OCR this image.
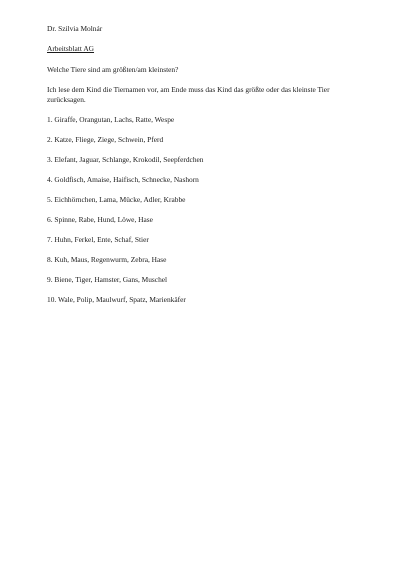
Dr. Szilvia Molnár
Arbeitsblatt AG
Welche Tiere sind am größten/am kleinsten?
Ich lese dem Kind die Tiernamen vor, am Ende muss das Kind das größte oder das kleinste Tier zurücksagen.
1. Giraffe, Orangutan, Lachs, Ratte, Wespe
2. Katze, Fliege, Ziege, Schwein, Pferd
3. Elefant, Jaguar, Schlange, Krokodil, Seepferdchen
4. Goldfisch, Amaise, Haifisch, Schnecke, Nashorn
5. Eichhörnchen, Lama, Mücke, Adler, Krabbe
6. Spinne, Rabe, Hund, Löwe, Hase
7. Huhn, Ferkel, Ente, Schaf, Stier
8. Kuh, Maus, Regenwurm, Zebra, Hase
9. Biene, Tiger, Hamster, Gans, Muschel
10. Wale, Polip, Maulwurf, Spatz, Marienkäfer
